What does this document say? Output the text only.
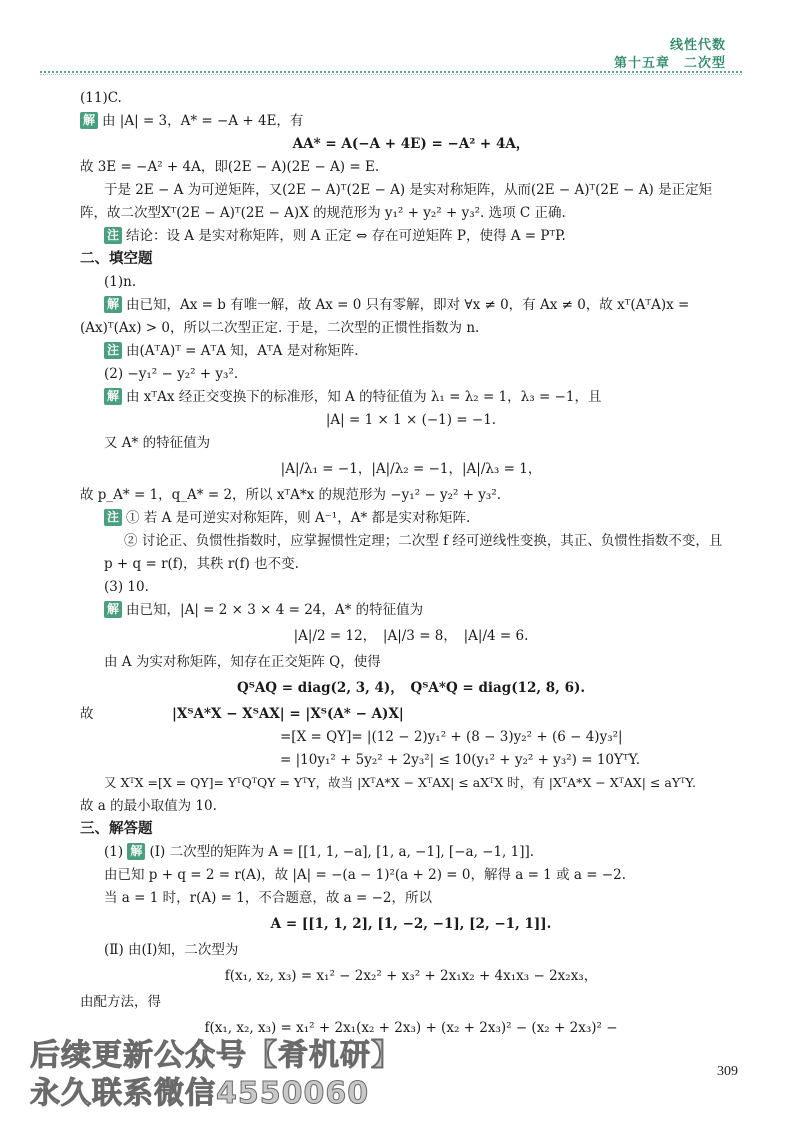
线性代数
第十五章　二次型
(11)C.
解 由 |A| = 3，A* = −A + 4E，有
AA* = A(−A + 4E) = −A² + 4A，
故 3E = −A² + 4A，即(2E − A)(2E − A) = E.
于是 2E − A 为可逆矩阵，又(2E − A)ᵀ(2E − A) 是实对称矩阵，从而(2E − A)ᵀ(2E − A) 是正定矩
阵，故二次型Xᵀ(2E − A)ᵀ(2E − A)X 的规范形为 y₁² + y₂² + y₃². 选项 C 正确.
注 结论：设 A 是实对称矩阵，则 A 正定 ⇔ 存在可逆矩阵 P，使得 A = PᵀP.
二、填空题
(1)n.
解 由已知，Ax = b 有唯一解，故 Ax = 0 只有零解，即对 ∀x ≠ 0，有 Ax ≠ 0，故 xᵀ(AᵀA)x =
(Ax)ᵀ(Ax) > 0，所以二次型正定. 于是，二次型的正惯性指数为 n.
注 由(AᵀA)ᵀ = AᵀA 知，AᵀA 是对称矩阵.
(2) −y₁² − y₂² + y₃².
解 由 xᵀAx 经正交变换下的标准形，知 A 的特征值为 λ₁ = λ₂ = 1，λ₃ = −1，且
|A| = 1 × 1 × (−1) = −1.
又 A* 的特征值为
|A|/λ₁ = −1，|A|/λ₂ = −1，|A|/λ₃ = 1，
故 p_A* = 1，q_A* = 2，所以 xᵀA*x 的规范形为 −y₁² − y₂² + y₃².
注 ① 若 A 是可逆实对称矩阵，则 A⁻¹，A* 都是实对称矩阵.
② 讨论正、负惯性指数时，应掌握惯性定理；二次型 f 经可逆线性变换，其正、负惯性指数不变，且
p + q = r(f)，其秩 r(f) 也不变.
(3) 10.
解 由已知，|A| = 2 × 3 × 4 = 24，A* 的特征值为
|A|/2 = 12，　|A|/3 = 8，　|A|/4 = 6.
由 A 为实对称矩阵，知存在正交矩阵 Q，使得
QᵀAQ = diag(2, 3, 4)，　QᵀA*Q = diag(12, 8, 6).
故	|XᵀA*X − XᵀAX| = |Xᵀ(A* − A)X|
=[X = QY]= |(12 − 2)y₁² + (8 − 3)y₂² + (6 − 4)y₃²|
= |10y₁² + 5y₂² + 2y₃²| ≤ 10(y₁² + y₂² + y₃²) = 10YᵀY.
又 XᵀX =[X = QY]= YᵀQᵀQY = YᵀY，故当 |XᵀA*X − XᵀAX| ≤ aXᵀX 时，有 |XᵀA*X − XᵀAX| ≤ aYᵀY.
故 a 的最小取值为 10.
三、解答题
(1) 解 (Ⅰ) 二次型的矩阵为 A = [[1, 1, −a], [1, a, −1], [−a, −1, 1]].
由已知 p + q = 2 = r(A)，故 |A| = −(a − 1)²(a + 2) = 0，解得 a = 1 或 a = −2.
当 a = 1 时，r(A) = 1，不合题意，故 a = −2，所以
A = [[1, 1, 2], [1, −2, −1], [2, −1, 1]].
(Ⅱ) 由(Ⅰ)知，二次型为
f(x₁, x₂, x₃) = x₁² − 2x₂² + x₃² + 2x₁x₂ + 4x₁x₃ − 2x₂x₃，
由配方法，得
f(x₁, x₂, x₃) = x₁² + 2x₁(x₂ + 2x₃) + (x₂ + 2x₃)² − (x₂ + 2x₃)² −
后续更新公众号【肴机研】
永久联系微信4550060
309
